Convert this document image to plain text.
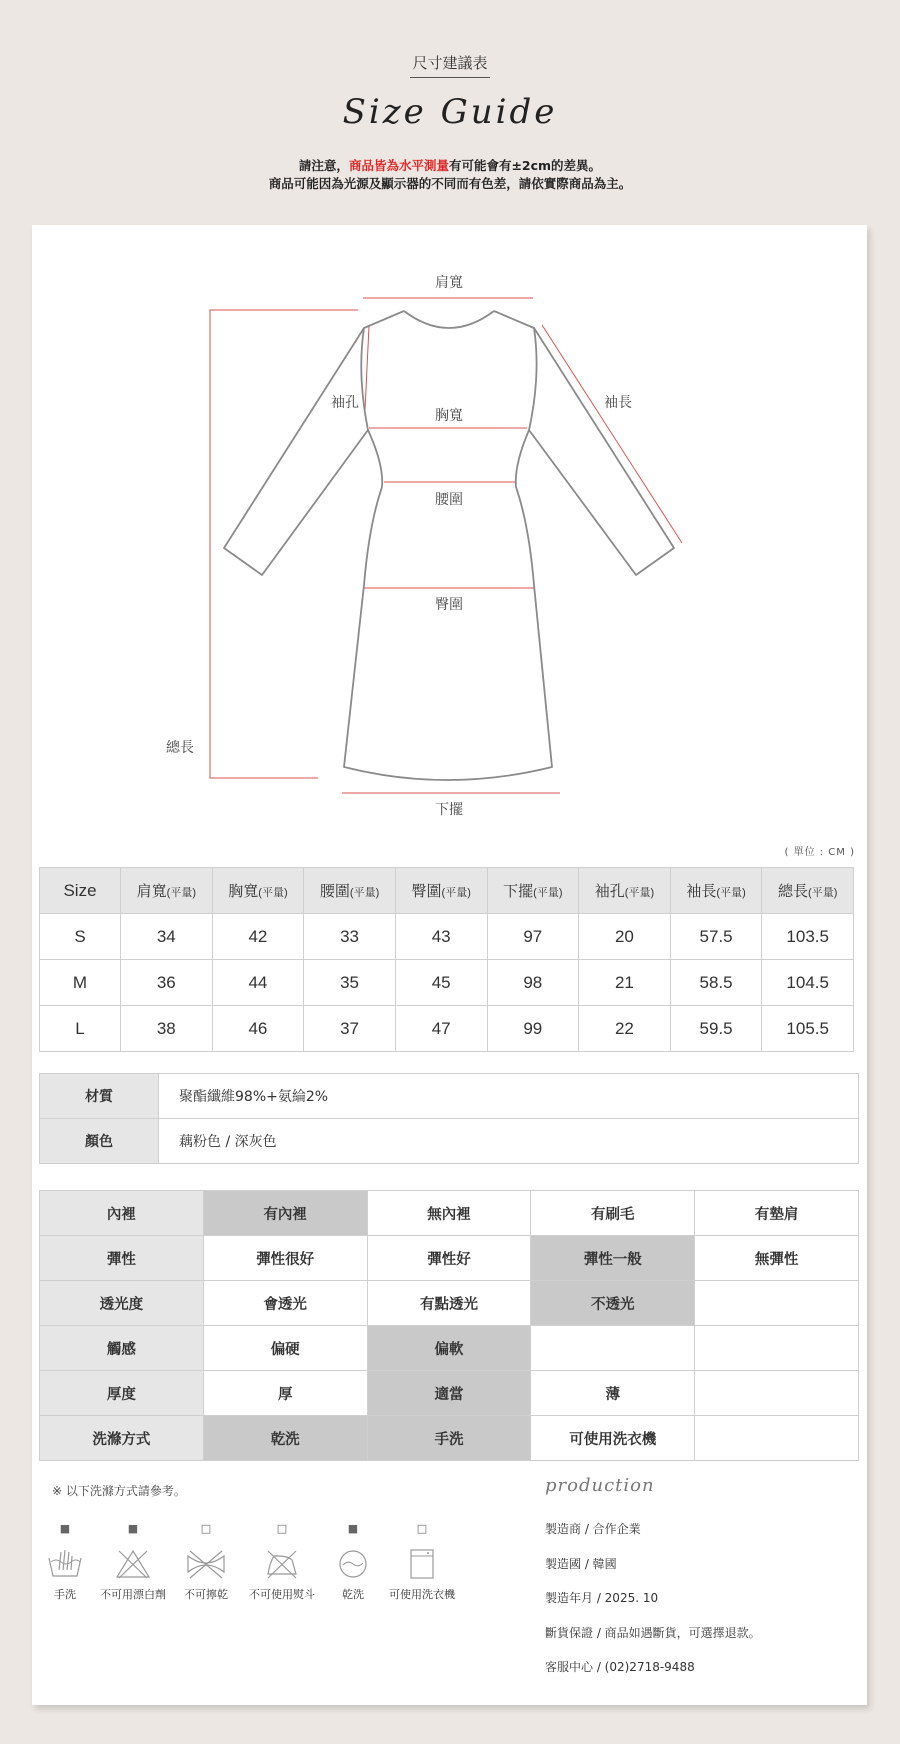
尺寸建議表
Size Guide
請注意，商品皆為水平測量有可能會有±2cm的差異。
商品可能因為光源及顯示器的不同而有色差，請依實際商品為主。
肩寬
袖長
袖孔
胸寬
腰圍
臀圍
總長
下擺
( 單位 : CM )
Size	肩寬(平量)	胸寬(平量)	腰圍(平量)	臀圍(平量)	下擺(平量)	袖孔(平量)	袖長(平量)	總長(平量)
S	34	42	33	43	97	20	57.5	103.5
M	36	44	35	45	98	21	58.5	104.5
L	38	46	37	47	99	22	59.5	105.5
材質	聚酯纖維98%+氨綸2%
顏色	藕粉色 / 深灰色
內裡	有內裡	無內裡	有刷毛	有墊肩
彈性	彈性很好	彈性好	彈性一般	無彈性
透光度	會透光	有點透光	不透光	
觸感	偏硬	偏軟		
厚度	厚	適當	薄	
洗滌方式	乾洗	手洗	可使用洗衣機	
※ 以下洗滌方式請參考。
■
手洗
■
不可用漂白劑
□
不可擰乾
□
不可使用熨斗
■
乾洗
□
可使用洗衣機
production
製造商 / 合作企業
製造國 / 韓國
製造年月 / 2025. 10
斷貨保證 / 商品如遇斷貨，可選擇退款。
客服中心 / (02)2718-9488
